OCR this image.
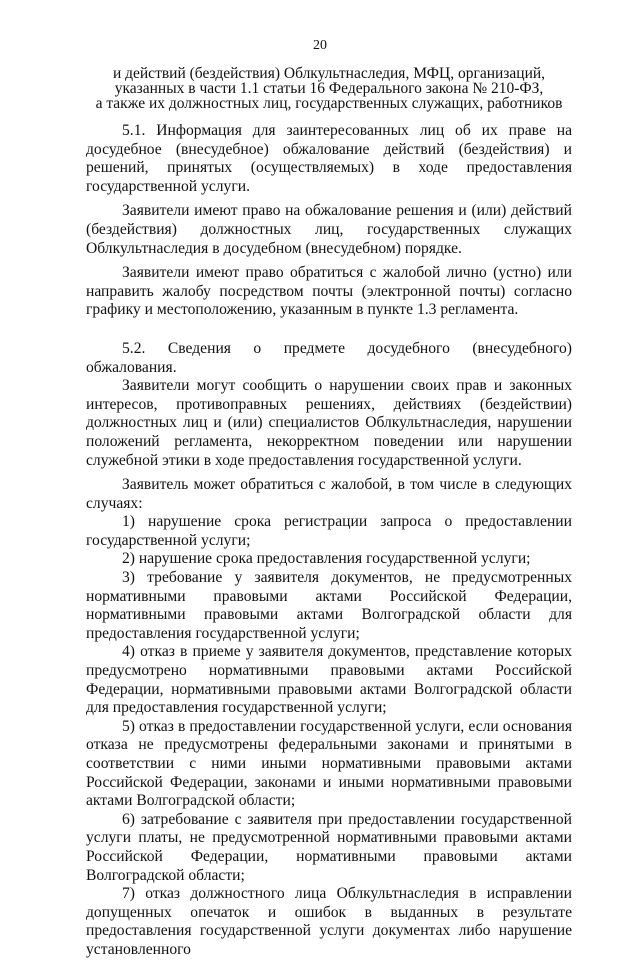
20
и действий (бездействия) Облкультнаследия, МФЦ, организаций,
указанных в части 1.1 статьи 16 Федерального закона № 210-ФЗ,
а также их должностных лиц, государственных служащих, работников

5.1. Информация для заинтересованных лиц об их праве на досудебное (внесудебное) обжалование действий (бездействия) и решений, принятых (осуществляемых) в ходе предоставления государственной услуги.

Заявители имеют право на обжалование решения и (или) действий (бездействия) должностных лиц, государственных служащих Облкультнаследия в досудебном (внесудебном) порядке.

Заявители имеют право обратиться с жалобой лично (устно) или направить жалобу посредством почты (электронной почты) согласно графику и местоположению, указанным в пункте 1.3 регламента.

5.2. Сведения о предмете досудебного (внесудебного) обжалования.

Заявители могут сообщить о нарушении своих прав и законных интересов, противоправных решениях, действиях (бездействии) должностных лиц и (или) специалистов Облкультнаследия, нарушении положений регламента, некорректном поведении или нарушении служебной этики в ходе предоставления государственной услуги.

Заявитель может обратиться с жалобой, в том числе в следующих случаях:

1) нарушение срока регистрации запроса о предоставлении государственной услуги;

2) нарушение срока предоставления государственной услуги;

3) требование у заявителя документов, не предусмотренных нормативными правовыми актами Российской Федерации, нормативными правовыми актами Волгоградской области для предоставления государственной услуги;

4) отказ в приеме у заявителя документов, представление которых предусмотрено нормативными правовыми актами Российской Федерации, нормативными правовыми актами Волгоградской области для предоставления государственной услуги;

5) отказ в предоставлении государственной услуги, если основания отказа не предусмотрены федеральными законами и принятыми в соответствии с ними иными нормативными правовыми актами Российской Федерации, законами и иными нормативными правовыми актами Волгоградской области;

6) затребование с заявителя при предоставлении государственной услуги платы, не предусмотренной нормативными правовыми актами Российской Федерации, нормативными правовыми актами Волгоградской области;

7) отказ должностного лица Облкультнаследия в исправлении допущенных опечаток и ошибок в выданных в результате предоставления государственной услуги документах либо нарушение установленного
